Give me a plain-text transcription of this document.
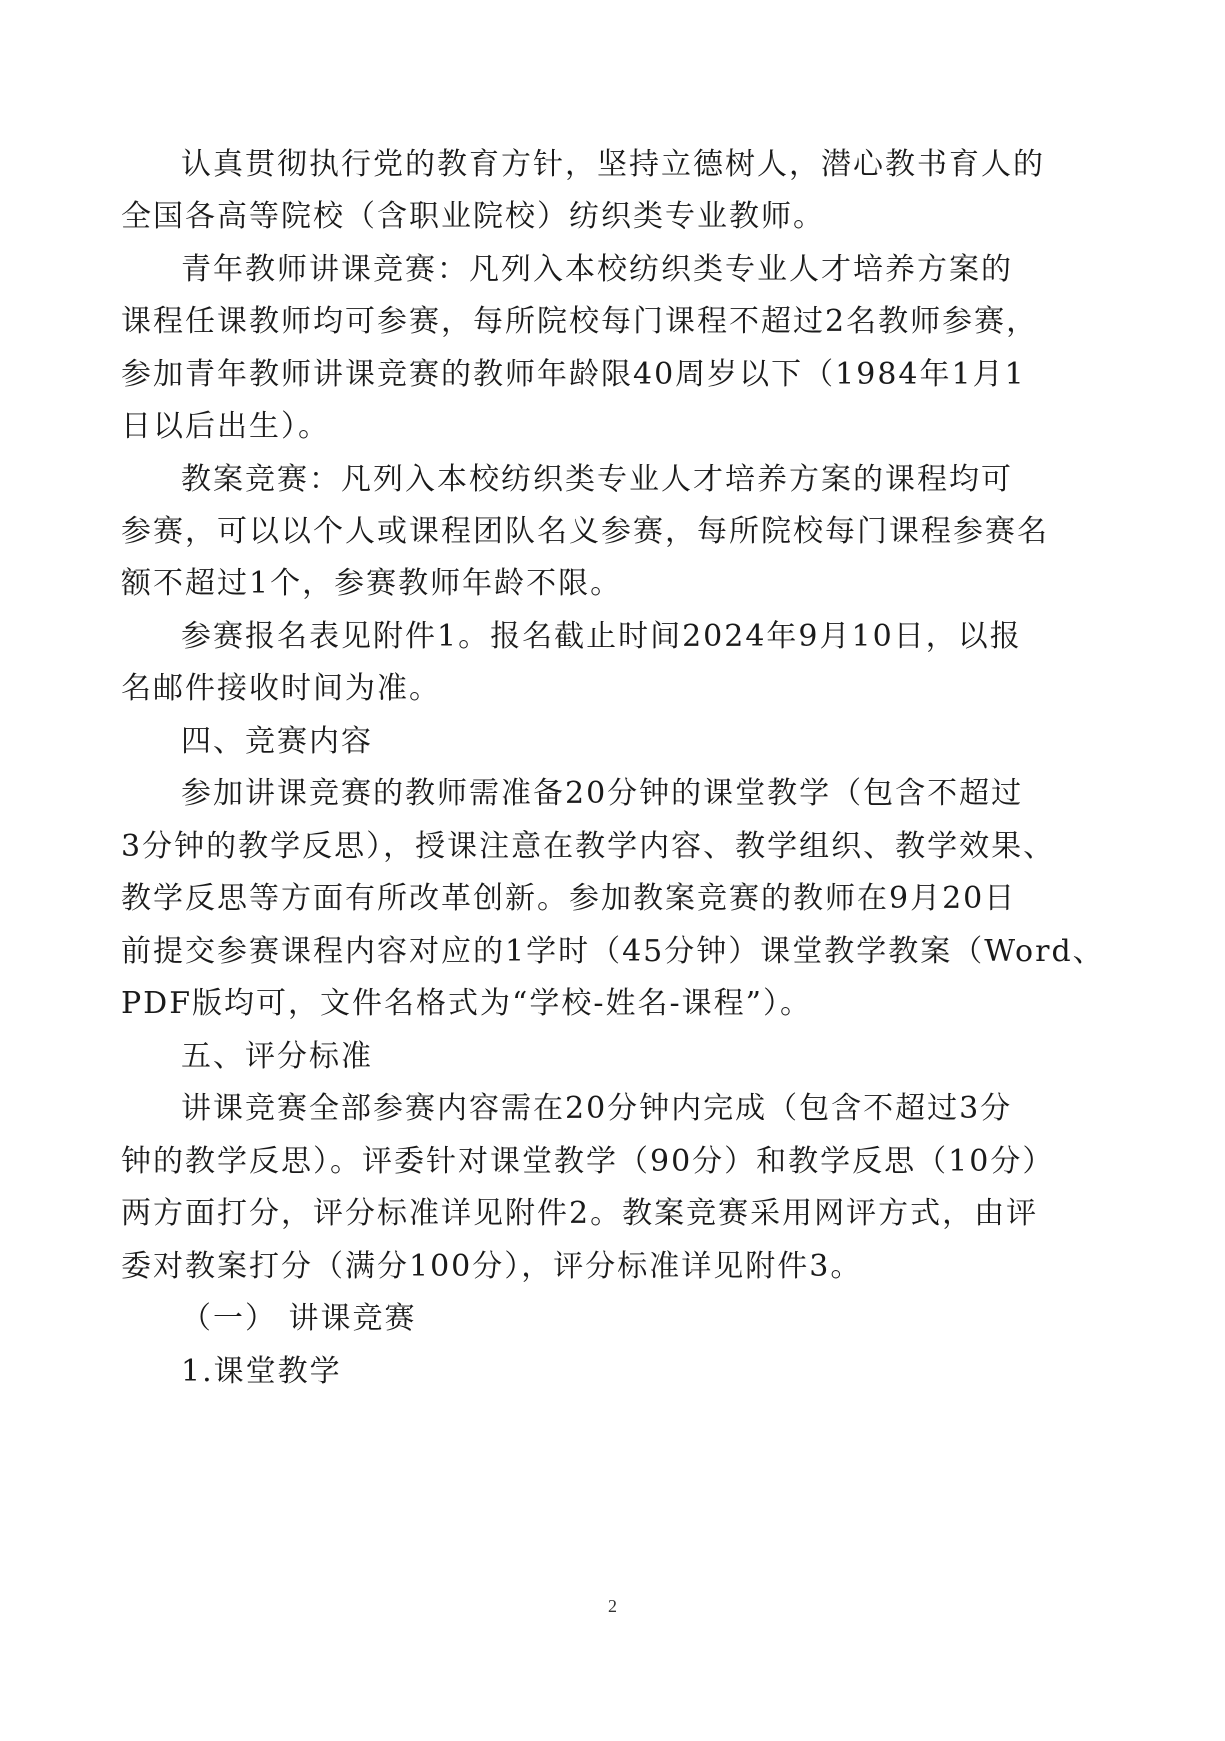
认真贯彻执行党的教育方针，坚持立德树人，潜心教书育人的

全国各高等院校（含职业院校）纺织类专业教师。

青年教师讲课竞赛：凡列入本校纺织类专业人才培养方案的

课程任课教师均可参赛，每所院校每门课程不超过2名教师参赛，

参加青年教师讲课竞赛的教师年龄限40周岁以下（1984年1月1

日以后出生）。

教案竞赛：凡列入本校纺织类专业人才培养方案的课程均可

参赛，可以以个人或课程团队名义参赛，每所院校每门课程参赛名

额不超过1个，参赛教师年龄不限。

参赛报名表见附件1。报名截止时间2024年9月10日，以报

名邮件接收时间为准。

四、竞赛内容

参加讲课竞赛的教师需准备20分钟的课堂教学（包含不超过

3分钟的教学反思），授课注意在教学内容、教学组织、教学效果、

教学反思等方面有所改革创新。参加教案竞赛的教师在9月20日

前提交参赛课程内容对应的1学时（45分钟）课堂教学教案（Word、

PDF版均可，文件名格式为“学校-姓名-课程”）。

五、评分标准

讲课竞赛全部参赛内容需在20分钟内完成（包含不超过3分

钟的教学反思）。评委针对课堂教学（90分）和教学反思（10分）

两方面打分，评分标准详见附件2。教案竞赛采用网评方式，由评

委对教案打分（满分100分），评分标准详见附件3。

（一） 讲课竞赛

1.课堂教学

2
